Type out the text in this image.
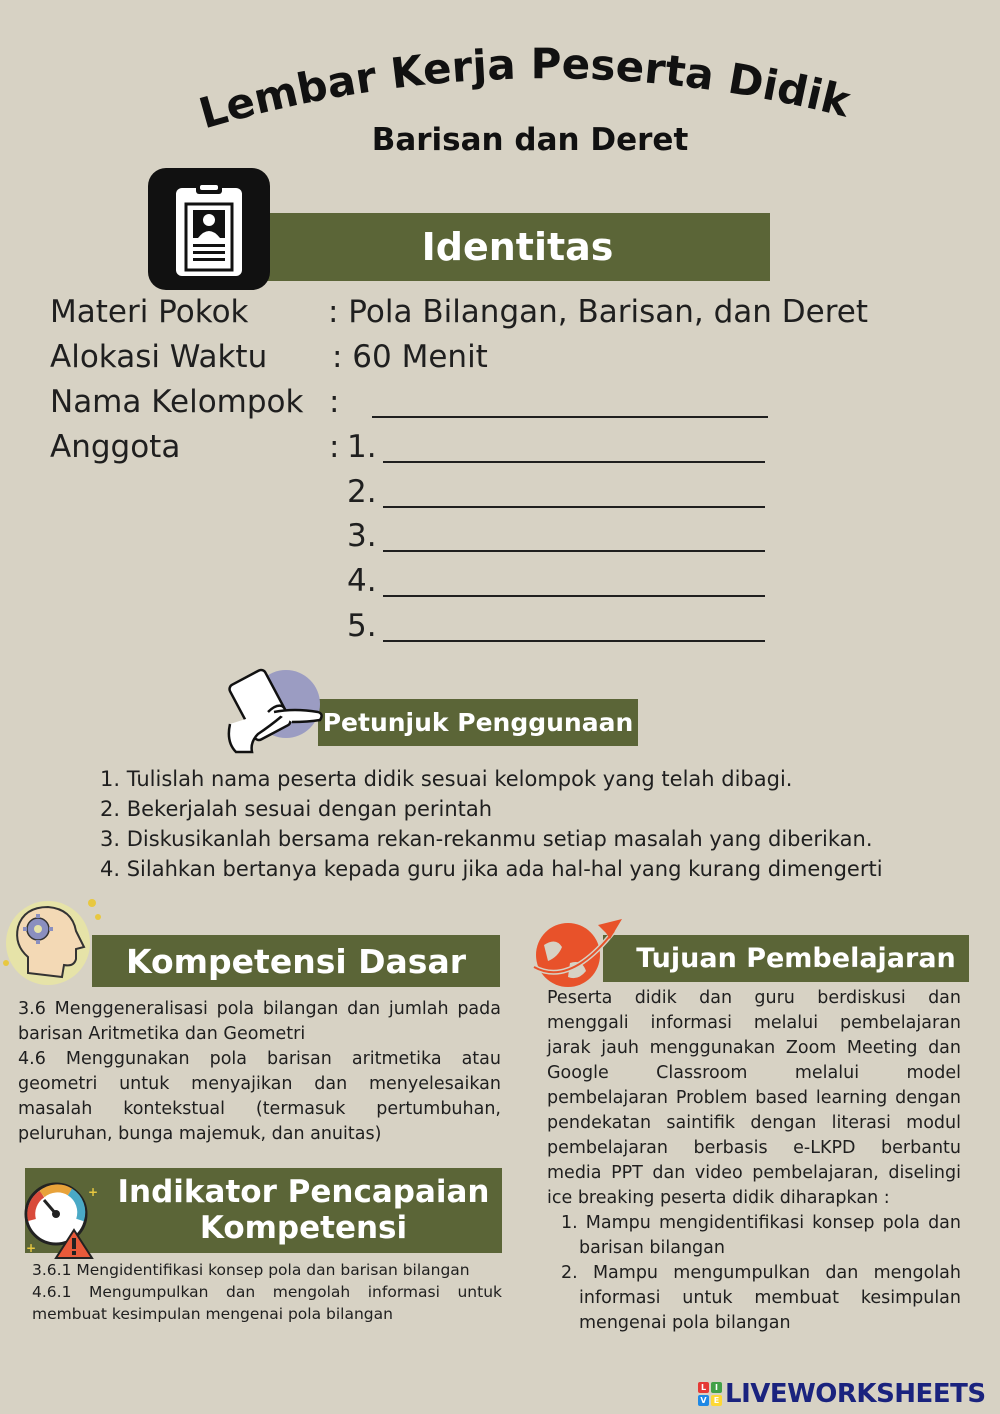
Lembar Kerja Peserta Didik
Barisan dan Deret
Identitas
Materi Pokok	: Pola Bilangan, Barisan, dan Deret
Alokasi Waktu	: 60 Menit
Nama Kelompok :
Anggota	: 1.
2.
3.
4.
5.
Petunjuk Penggunaan
1. Tulislah nama peserta didik sesuai kelompok yang telah dibagi.
2. Bekerjalah sesuai dengan perintah
3. Diskusikanlah bersama rekan-rekanmu setiap masalah yang diberikan.
4. Silahkan bertanya kepada guru jika ada hal-hal yang kurang dimengerti
Kompetensi Dasar

3.6 Menggeneralisasi pola bilangan dan jumlah pada barisan Aritmetika dan Geometri

4.6 Menggunakan pola barisan aritmetika atau geometri untuk menyajikan dan menyelesaikan masalah kontekstual (termasuk pertumbuhan, peluruhan, bunga majemuk, dan anuitas)

Indikator Pencapaian
Kompetensi
+
+

3.6.1 Mengidentifikasi konsep pola dan barisan bilangan

4.6.1 Mengumpulkan dan mengolah informasi untuk membuat kesimpulan mengenai pola bilangan

Tujuan Pembelajaran
Peserta didik dan guru berdiskusi dan menggali informasi melalui pembelajaran jarak jauh menggunakan Zoom Meeting dan Google Classroom melalui model pembelajaran Problem based learning dengan pendekatan saintifik dengan literasi modul pembelajaran berbasis e-LKPD berbantu media PPT dan video pembelajaran, diselingi ice breaking peserta didik diharapkan :
1. Mampu mengidentifikasi konsep pola dan barisan bilangan
2. Mampu mengumpulkan dan mengolah informasi untuk membuat kesimpulan mengenai pola bilangan
L	I
V E LIVEWORKSHEETS
